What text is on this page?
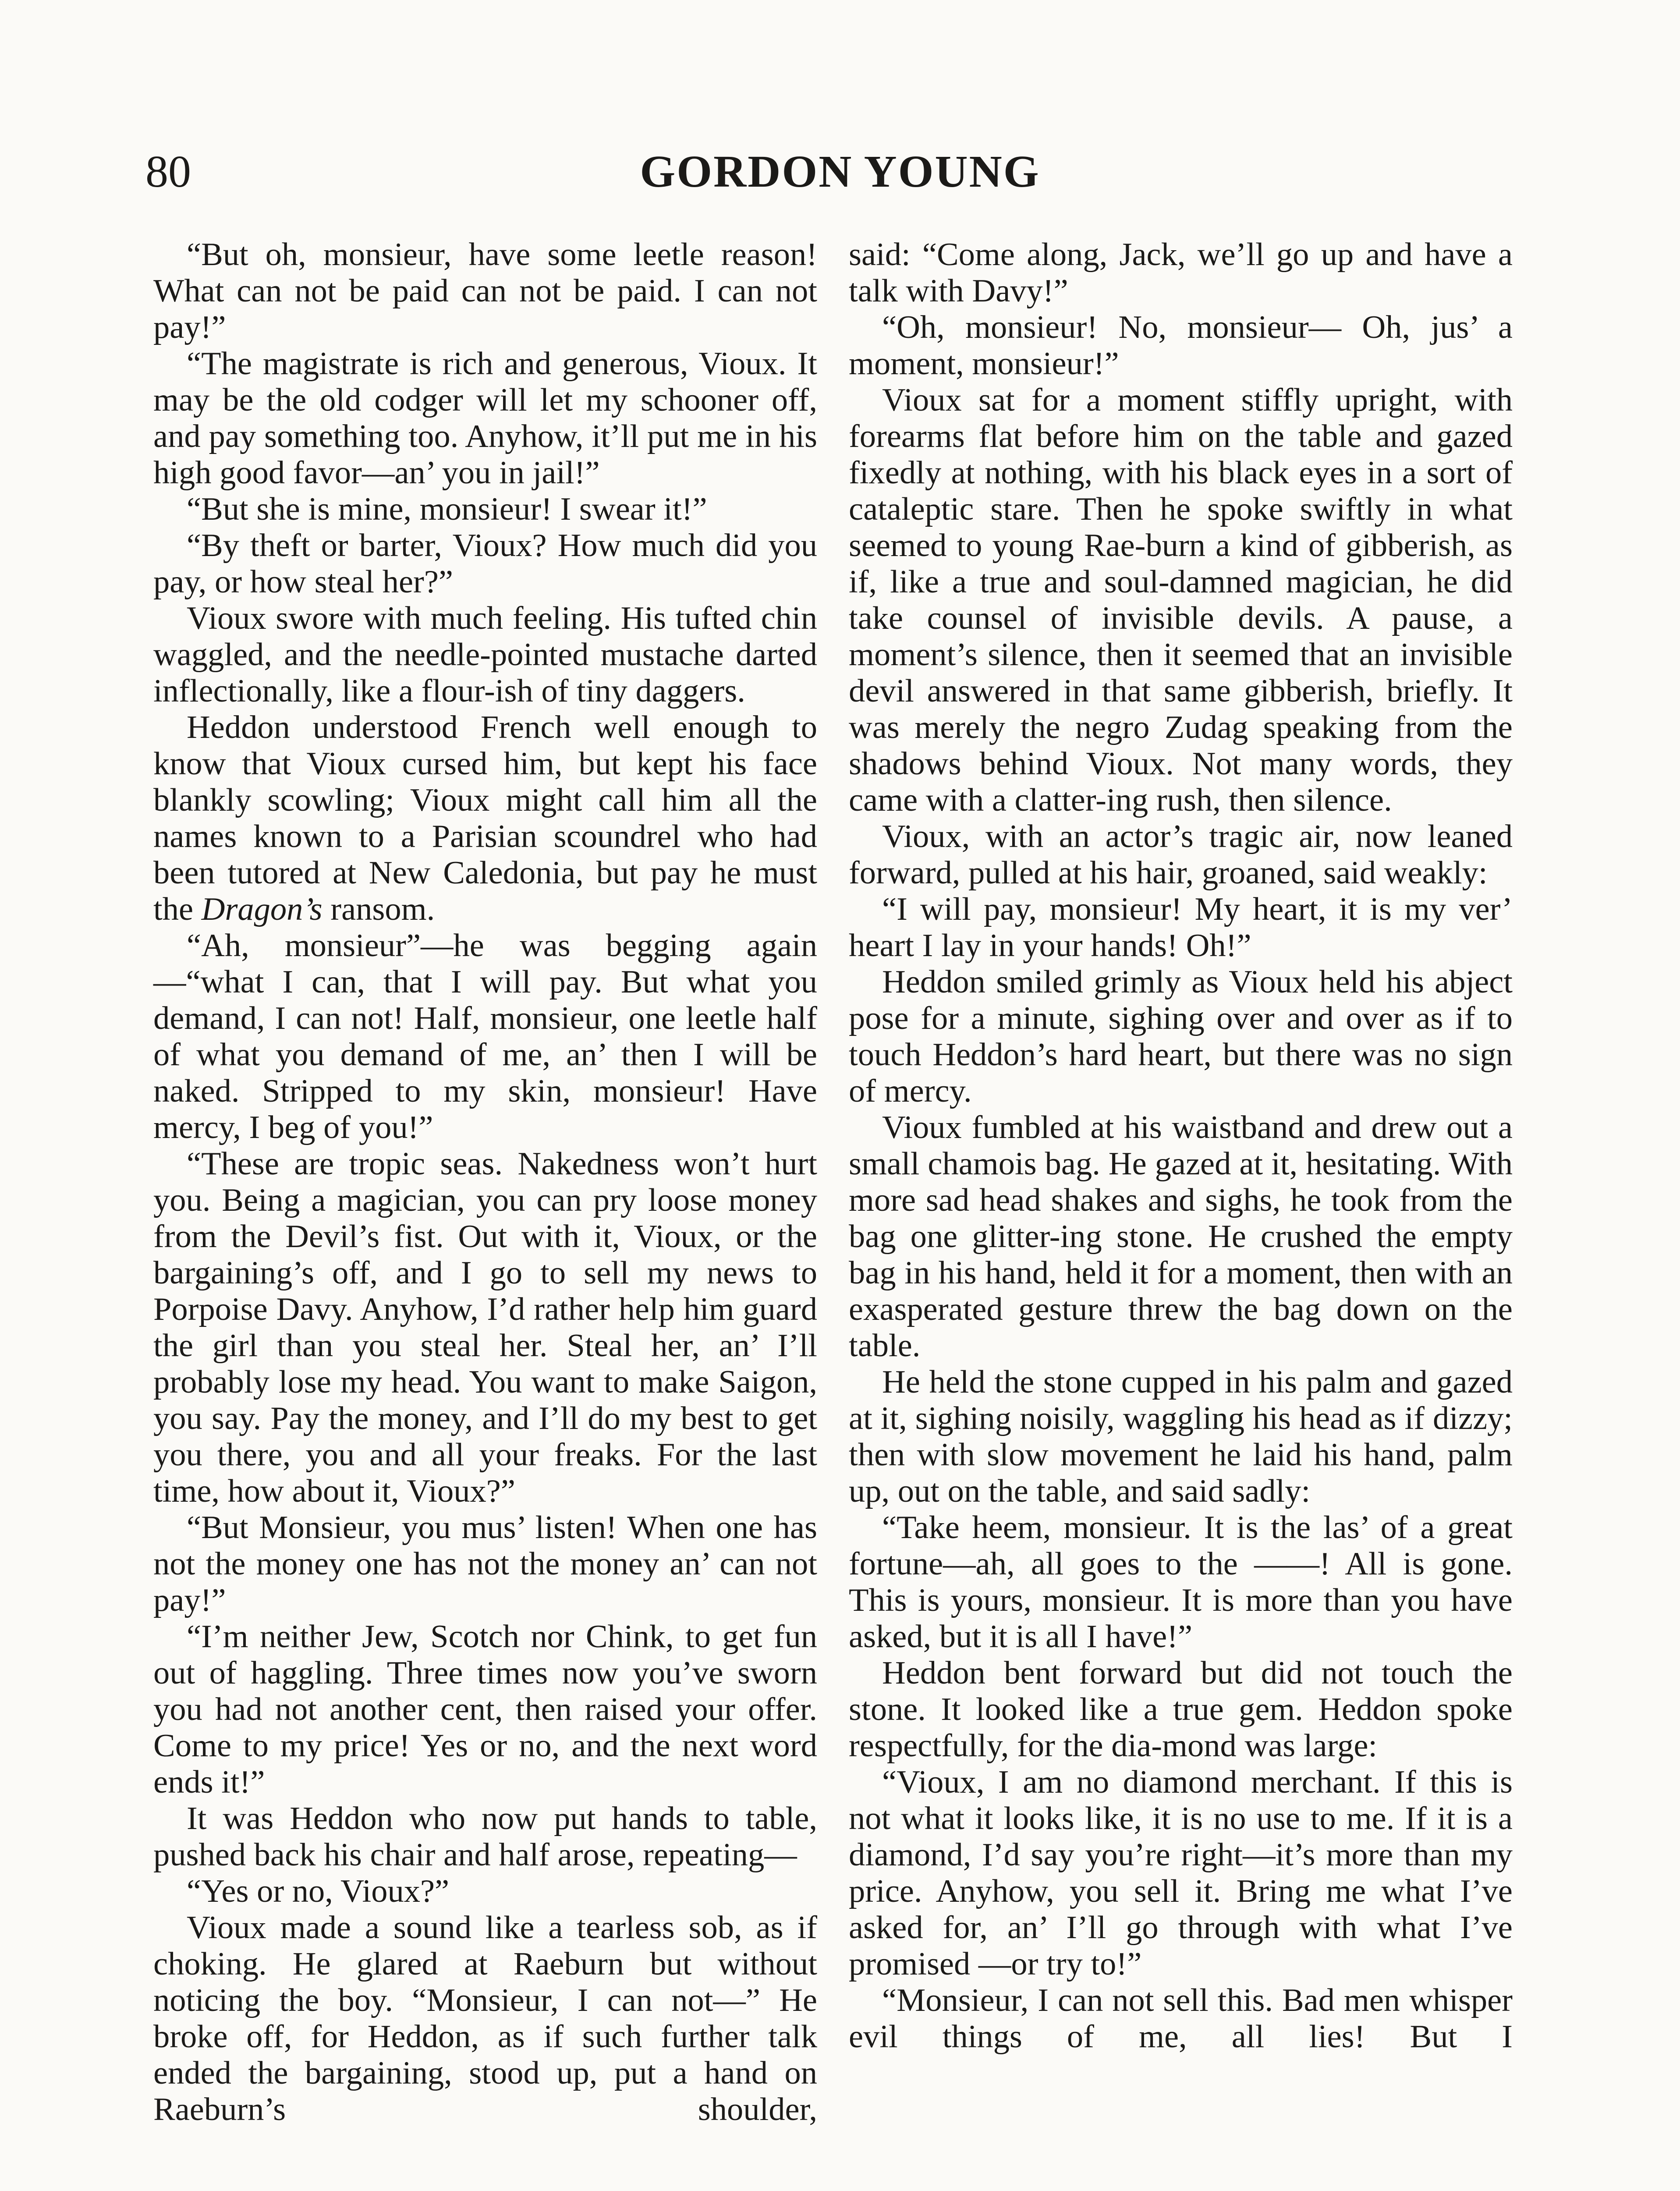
80	GORDON YOUNG

“But oh, monsieur, have some leetle reason! What can not be paid can not be paid. I can not pay!”

“The magistrate is rich and generous, Vioux. It may be the old codger will let my schooner off, and pay something too. Anyhow, it’ll put me in his high good favor—an’ you in jail!”

“But she is mine, monsieur! I swear it!”

“By theft or barter, Vioux? How much did you pay, or how steal her?”

Vioux swore with much feeling. His tufted chin waggled, and the needle-pointed mustache darted inflectionally, like a flour-ish of tiny daggers.

Heddon understood French well enough to know that Vioux cursed him, but kept his face blankly scowling; Vioux might call him all the names known to a Parisian scoundrel who had been tutored at New Caledonia, but pay he must the Dragon’s ransom.

“Ah, monsieur”—he was begging again—“what I can, that I will pay. But what you demand, I can not! Half, monsieur, one leetle half of what you demand of me, an’ then I will be naked. Stripped to my skin, monsieur! Have mercy, I beg of you!”

“These are tropic seas. Nakedness won’t hurt you. Being a magician, you can pry loose money from the Devil’s fist. Out with it, Vioux, or the bargaining’s off, and I go to sell my news to Porpoise Davy. Anyhow, I’d rather help him guard the girl than you steal her. Steal her, an’ I’ll probably lose my head. You want to make Saigon, you say. Pay the money, and I’ll do my best to get you there, you and all your freaks. For the last time, how about it, Vioux?”

“But Monsieur, you mus’ listen! When one has not the money one has not the money an’ can not pay!”

“I’m neither Jew, Scotch nor Chink, to get fun out of haggling. Three times now you’ve sworn you had not another cent, then raised your offer. Come to my price! Yes or no, and the next word ends it!”

It was Heddon who now put hands to table, pushed back his chair and half arose, repeating—

“Yes or no, Vioux?”

Vioux made a sound like a tearless sob, as if choking. He glared at Raeburn but without noticing the boy. “Monsieur, I can not—” He broke off, for Heddon, as if such further talk ended the bargaining, stood up, put a hand on Raeburn’s shoulder,

said: “Come along, Jack, we’ll go up and have a talk with Davy!”

“Oh, monsieur! No, monsieur— Oh, jus’ a moment, monsieur!”

Vioux sat for a moment stiffly upright, with forearms flat before him on the table and gazed fixedly at nothing, with his black eyes in a sort of cataleptic stare. Then he spoke swiftly in what seemed to young Rae-burn a kind of gibberish, as if, like a true and soul-damned magician, he did take counsel of invisible devils. A pause, a moment’s silence, then it seemed that an invisible devil answered in that same gibberish, briefly. It was merely the negro Zudag speaking from the shadows behind Vioux. Not many words, they came with a clatter-ing rush, then silence.

Vioux, with an actor’s tragic air, now leaned forward, pulled at his hair, groaned, said weakly:

“I will pay, monsieur! My heart, it is my ver’ heart I lay in your hands! Oh!”

Heddon smiled grimly as Vioux held his abject pose for a minute, sighing over and over as if to touch Heddon’s hard heart, but there was no sign of mercy.

Vioux fumbled at his waistband and drew out a small chamois bag. He gazed at it, hesitating. With more sad head shakes and sighs, he took from the bag one glitter-ing stone. He crushed the empty bag in his hand, held it for a moment, then with an exasperated gesture threw the bag down on the table.

He held the stone cupped in his palm and gazed at it, sighing noisily, waggling his head as if dizzy; then with slow movement he laid his hand, palm up, out on the table, and said sadly:

“Take heem, monsieur. It is the las’ of a great fortune—ah, all goes to the ——! All is gone. This is yours, monsieur. It is more than you have asked, but it is all I have!”

Heddon bent forward but did not touch the stone. It looked like a true gem. Heddon spoke respectfully, for the dia-mond was large:

“Vioux, I am no diamond merchant. If this is not what it looks like, it is no use to me. If it is a diamond, I’d say you’re right—it’s more than my price. Anyhow, you sell it. Bring me what I’ve asked for, an’ I’ll go through with what I’ve promised —or try to!”

“Monsieur, I can not sell this. Bad men whisper evil things of me, all lies! But I
